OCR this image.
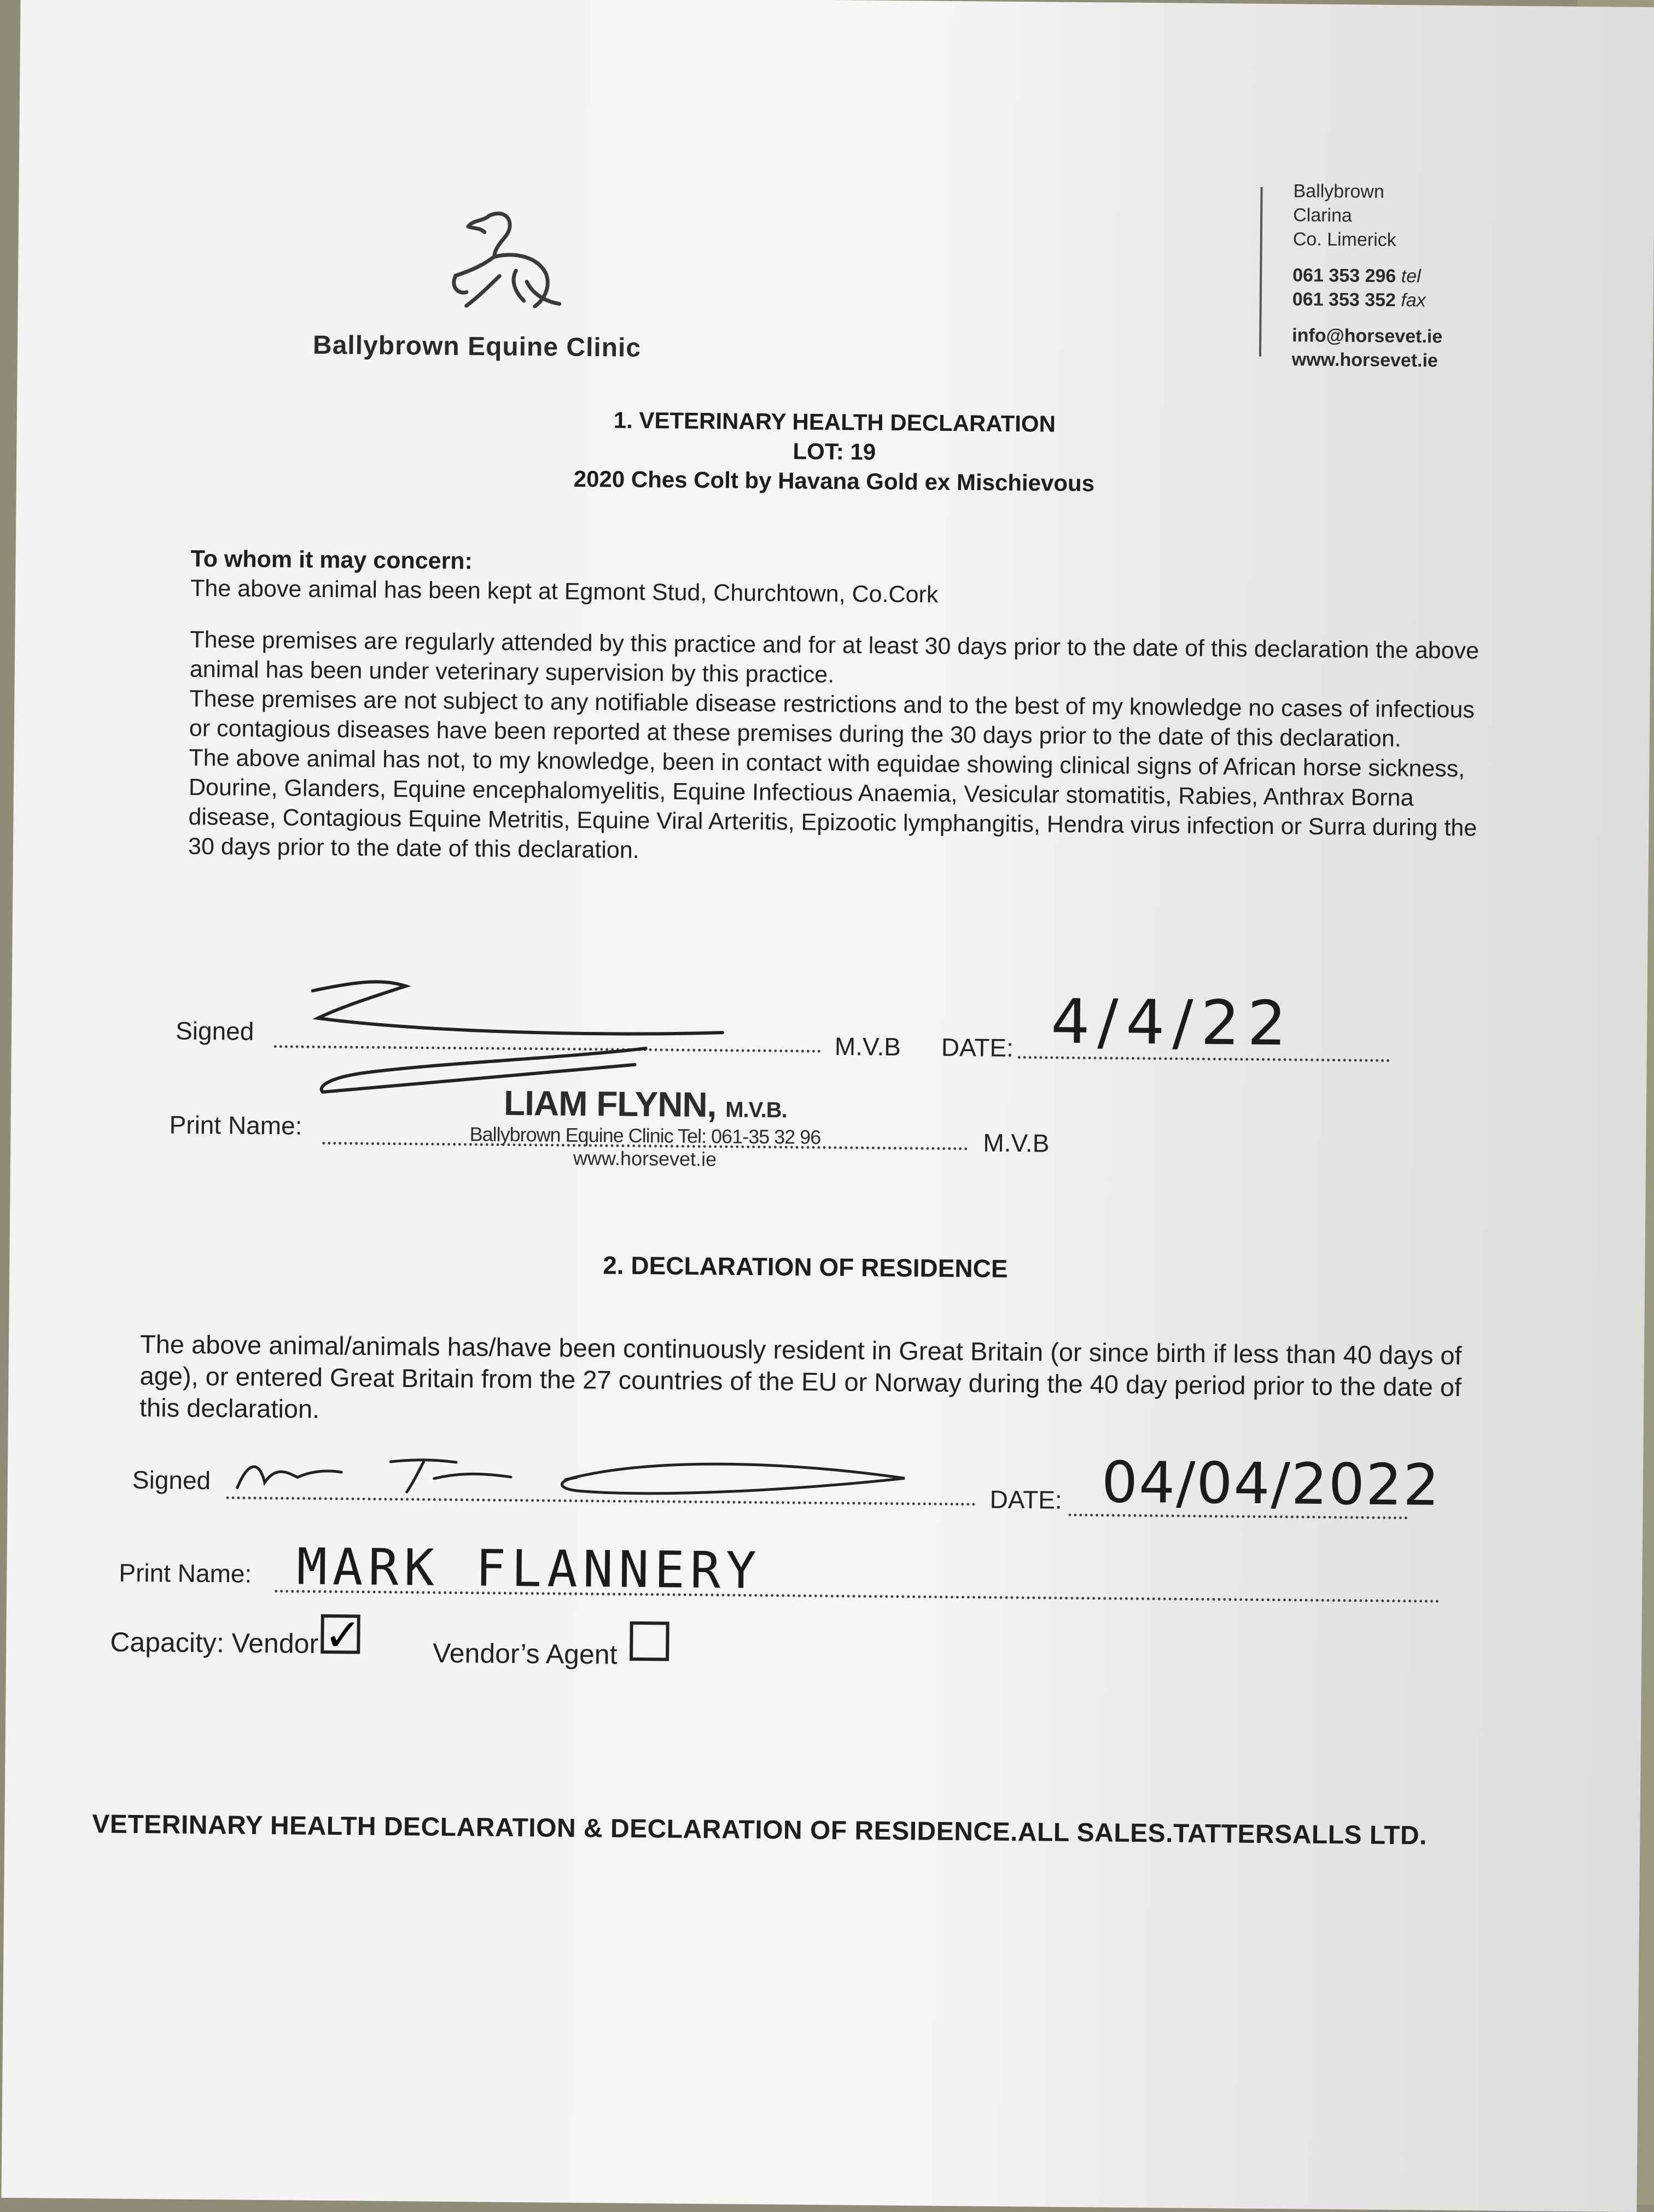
Ballybrown Equine Clinic
Ballybrown
Clarina
Co. Limerick
061 353 296 tel
061 353 352 fax
info@horsevet.ie
www.horsevet.ie
1. VETERINARY HEALTH DECLARATION
LOT: 19
2020 Ches Colt by Havana Gold ex Mischievous
To whom it may concern:

The above animal has been kept at Egmont Stud, Churchtown, Co.Cork

These premises are regularly attended by this practice and for at least 30 days prior to the date of this declaration the above animal has been under veterinary supervision by this practice.

These premises are not subject to any notifiable disease restrictions and to the best of my knowledge no cases of infectious or contagious diseases have been reported at these premises during the 30 days prior to the date of this declaration.

The above animal has not, to my knowledge, been in contact with equidae showing clinical signs of African horse sickness, Dourine, Glanders, Equine encephalomyelitis, Equine Infectious Anaemia, Vesicular stomatitis, Rabies, Anthrax Borna disease, Contagious Equine Metritis, Equine Viral Arteritis, Epizootic lymphangitis, Hendra virus infection or Surra during the 30 days prior to the date of this declaration.

Signed
M.V.B DATE: 4/4/22
Print Name:
M.V.B
LIAM FLYNN, M.V.B.
Ballybrown Equine Clinic Tel: 061-35 32 96
www.horsevet.ie
2. DECLARATION OF RESIDENCE
The above animal/animals has/have been continuously resident in Great Britain (or since birth if less than 40 days of age), or entered Great Britain from the 27 countries of the EU or Norway during the 40 day period prior to the date of this declaration.
Signed
DATE: 04/04/2022
Print Name: MARK FLANNERY
Capacity: Vendor ✓	Vendor’s Agent
VETERINARY HEALTH DECLARATION & DECLARATION OF RESIDENCE.ALL SALES.TATTERSALLS LTD.
